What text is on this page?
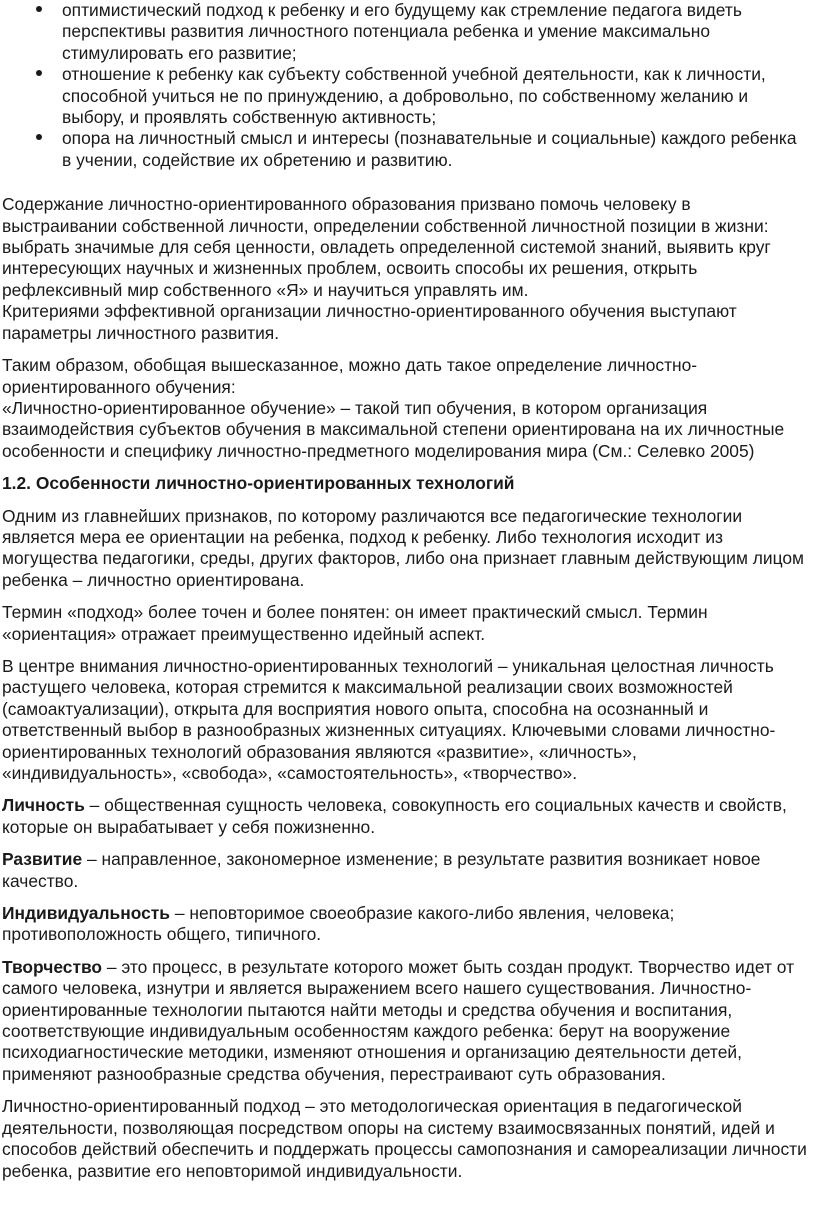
оптимистический подход к ребенку и его будущему как стремление педагога видеть перспективы развития личностного потенциала ребенка и умение максимально стимулировать его развитие;
отношение к ребенку как субъекту собственной учебной деятельности, как к личности, способной учиться не по принуждению, а добровольно, по собственному желанию и выбору, и проявлять собственную активность;
опора на личностный смысл и интересы (познавательные и социальные) каждого ребенка в учении, содействие их обретению и развитию.

Содержание личностно-ориентированного образования призвано помочь человеку в выстраивании собственной личности, определении собственной личностной позиции в жизни: выбрать значимые для себя ценности, овладеть определенной системой знаний, выявить круг интересующих научных и жизненных проблем, освоить способы их решения, открыть рефлексивный мир собственного «Я» и научиться управлять им.

Критериями эффективной организации личностно-ориентированного обучения выступают параметры личностного развития.

Таким образом, обобщая вышесказанное, можно дать такое определение личностно-ориентированного обучения:

«Личностно-ориентированное обучение» – такой тип обучения, в котором организация взаимодействия субъектов обучения в максимальной степени ориентирована на их личностные особенности и специфику личностно-предметного моделирования мира (См.: Селевко 2005)

1.2. Особенности личностно-ориентированных технологий

Одним из главнейших признаков, по которому различаются все педагогические технологии является мера ее ориентации на ребенка, подход к ребенку. Либо технология исходит из могущества педагогики, среды, других факторов, либо она признает главным действующим лицом ребенка – личностно ориентирована.

Термин «подход» более точен и более понятен: он имеет практический смысл. Термин «ориентация» отражает преимущественно идейный аспект.

В центре внимания личностно-ориентированных технологий – уникальная целостная личность растущего человека, которая стремится к максимальной реализации своих возможностей (самоактуализации), открыта для восприятия нового опыта, способна на осознанный и ответственный выбор в разнообразных жизненных ситуациях. Ключевыми словами личностно-ориентированных технологий образования являются «развитие», «личность», «индивидуальность», «свобода», «самостоятельность», «творчество».

Личность – общественная сущность человека, совокупность его социальных качеств и свойств, которые он вырабатывает у себя пожизненно.

Развитие – направленное, закономерное изменение; в результате развития возникает новое качество.

Индивидуальность – неповторимое своеобразие какого-либо явления, человека; противоположность общего, типичного.

Творчество – это процесс, в результате которого может быть создан продукт. Творчество идет от самого человека, изнутри и является выражением всего нашего существования. Личностно-ориентированные технологии пытаются найти методы и средства обучения и воспитания, соответствующие индивидуальным особенностям каждого ребенка: берут на вооружение психодиагностические методики, изменяют отношения и организацию деятельности детей, применяют разнообразные средства обучения, перестраивают суть образования.

Личностно-ориентированный подход – это методологическая ориентация в педагогической деятельности, позволяющая посредством опоры на систему взаимосвязанных понятий, идей и способов действий обеспечить и поддержать процессы самопознания и самореализации личности ребенка, развитие его неповторимой индивидуальности.
